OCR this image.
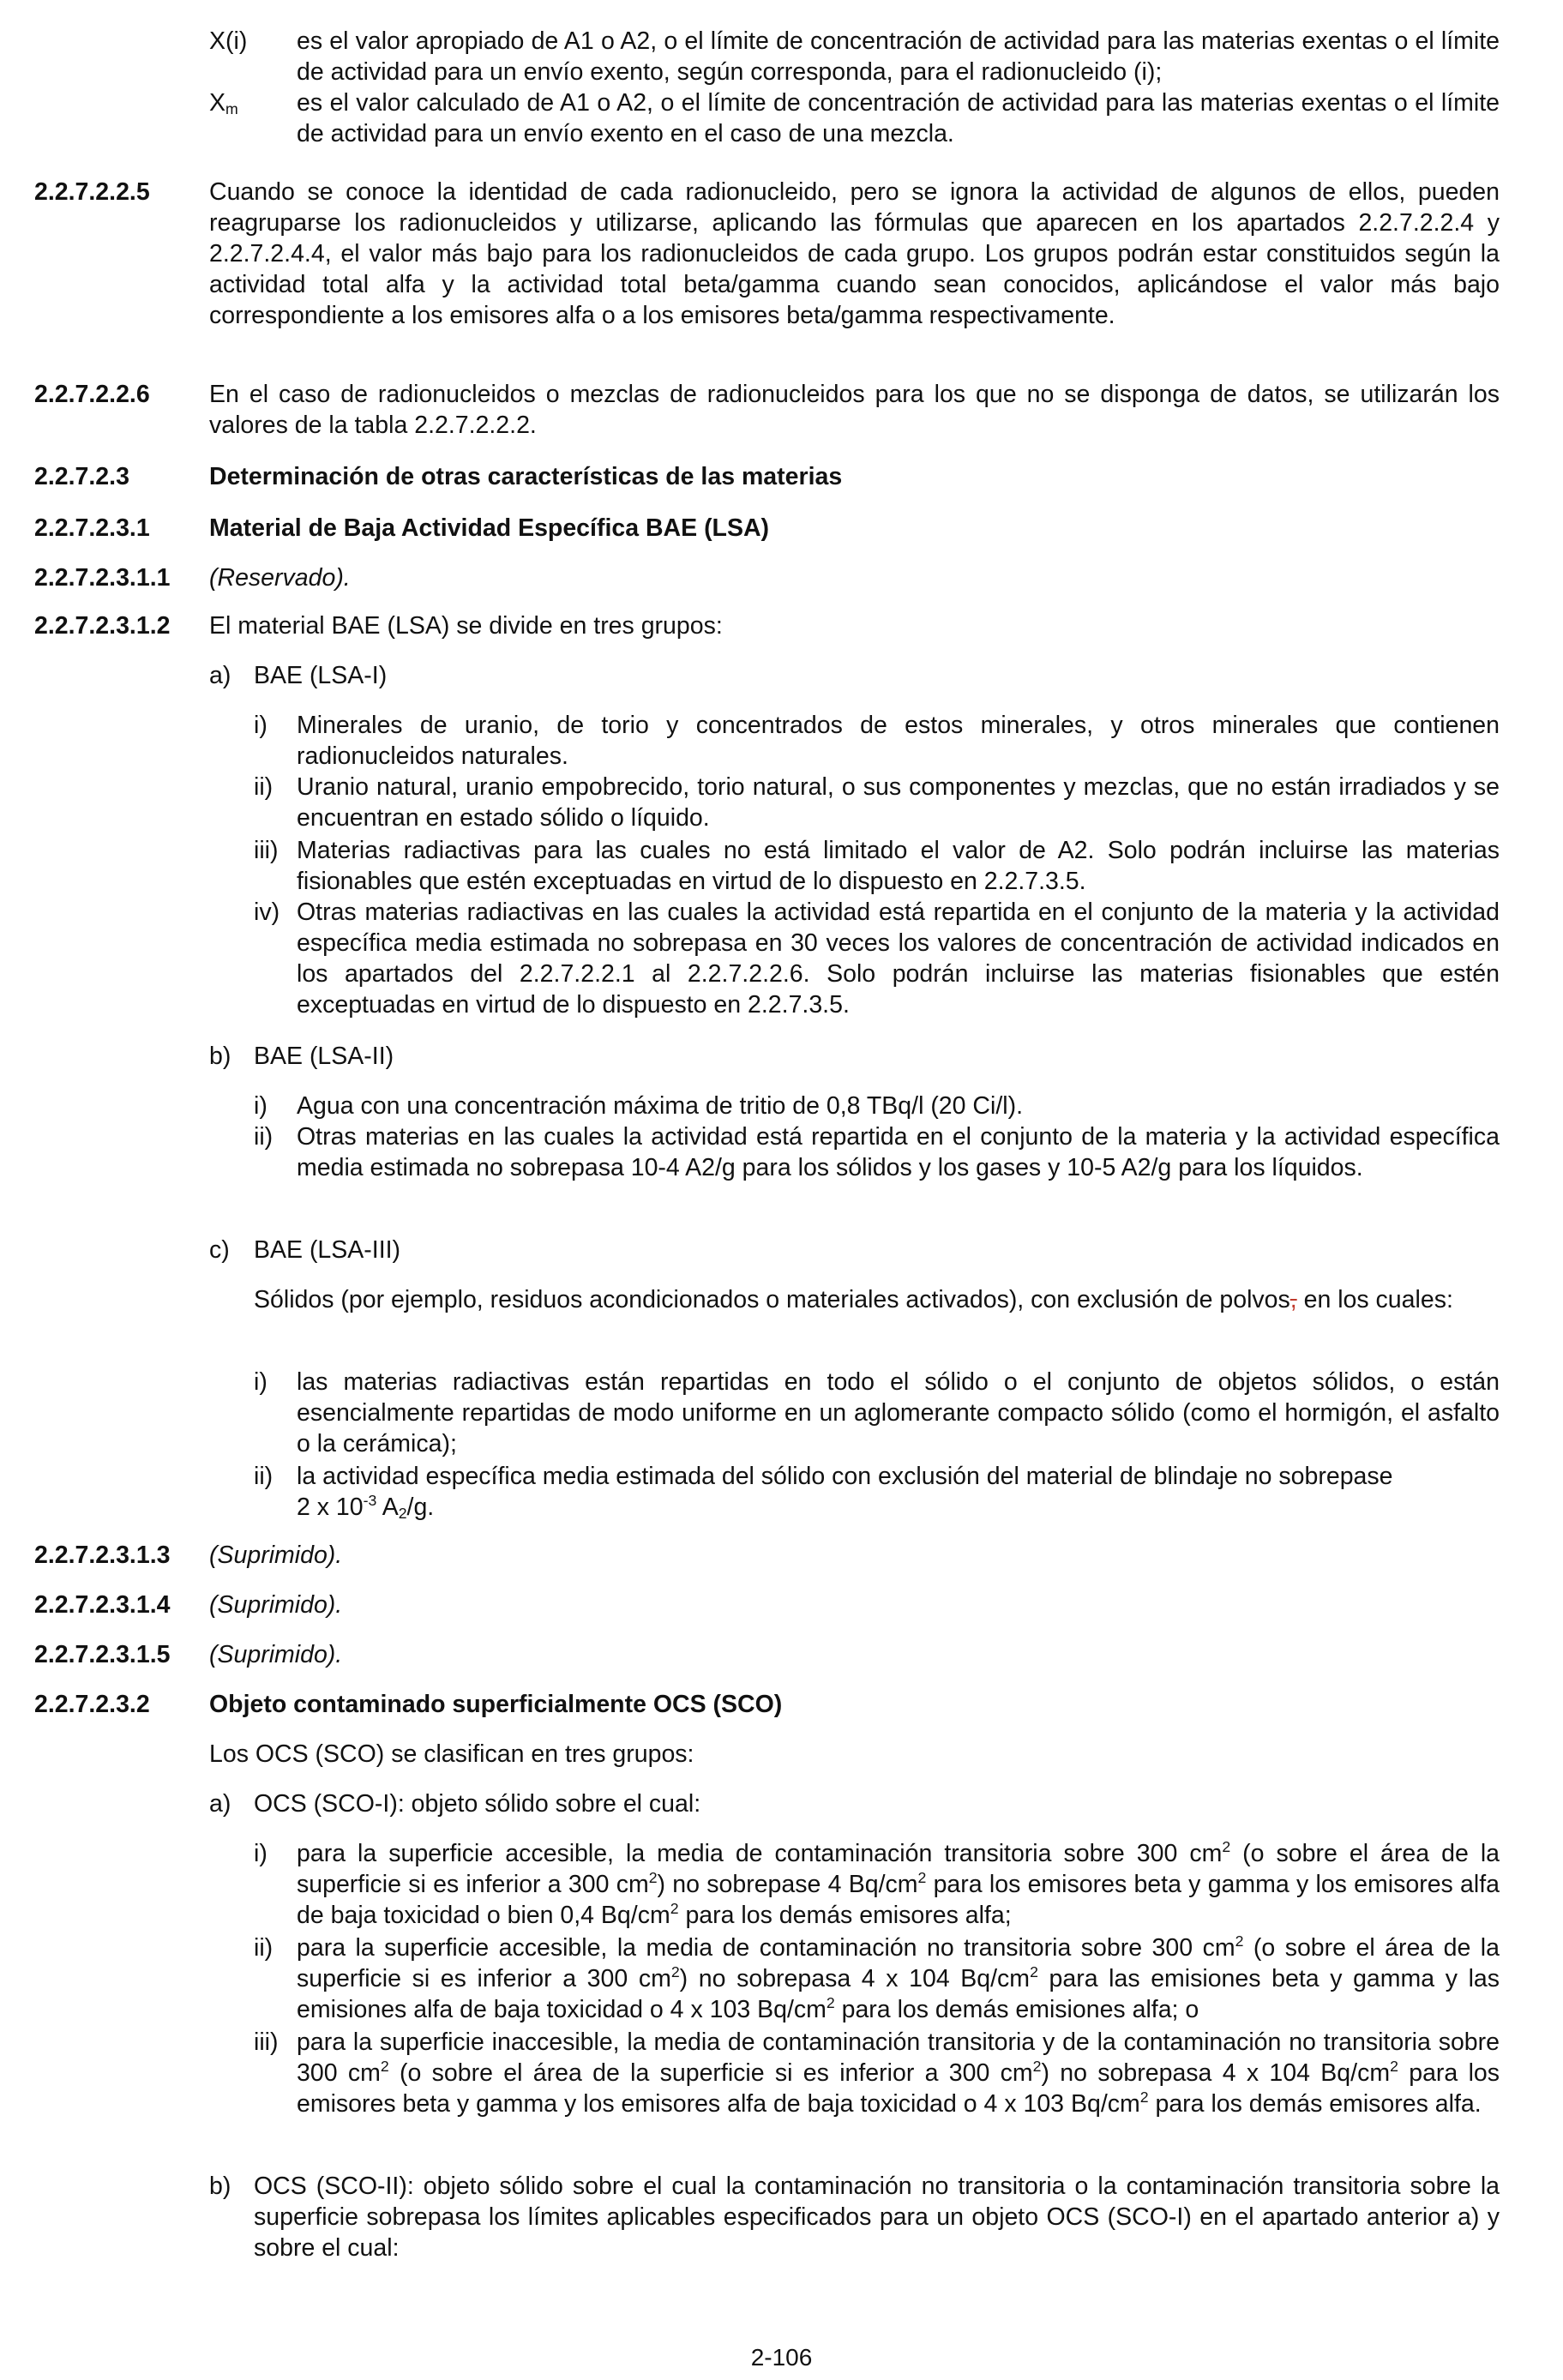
X(i) es el valor apropiado de A1 o A2, o el límite de concentración de actividad para las materias exentas o el límite de actividad para un envío exento, según corresponda, para el radionucleido (i);
$X_m$ es el valor calculado de A1 o A2, o el límite de concentración de actividad para las materias exentas o el límite de actividad para un envío exento en el caso de una mezcla.
2.2.7.2.2.5 Cuando se conoce la identidad de cada radionucleido, pero se ignora la actividad de algunos de ellos, pueden reagruparse los radionucleidos y utilizarse, aplicando las fórmulas que aparecen en los apartados 2.2.7.2.2.4 y 2.2.7.2.4.4, el valor más bajo para los radionucleidos de cada grupo. Los grupos podrán estar constituidos según la actividad total alfa y la actividad total beta/gamma cuando sean conocidos, aplicándose el valor más bajo correspondiente a los emisores alfa o a los emisores beta/gamma respectivamente.
2.2.7.2.2.6 En el caso de radionucleidos o mezclas de radionucleidos para los que no se disponga de datos, se utilizarán los valores de la tabla 2.2.7.2.2.2.
2.2.7.2.3	Determinación de otras características de las materias
2.2.7.2.3.1 Material de Baja Actividad Específica BAE (LSA)
2.2.7.2.3.1.1 (Reservado).
2.2.7.2.3.1.2 El material BAE (LSA) se divide en tres grupos:
a) BAE (LSA-I)
i)	Minerales de uranio, de torio y concentrados de estos minerales, y otros minerales que contienen radionucleidos naturales.
ii) Uranio natural, uranio empobrecido, torio natural, o sus componentes y mezclas, que no están irradiados y se encuentran en estado sólido o líquido.
iii) Materias radiactivas para las cuales no está limitado el valor de A2. Solo podrán incluirse las materias fisionables que estén exceptuadas en virtud de lo dispuesto en 2.2.7.3.5.
iv) Otras materias radiactivas en las cuales la actividad está repartida en el conjunto de la materia y la actividad específica media estimada no sobrepasa en 30 veces los valores de concentración de actividad indicados en los apartados del 2.2.7.2.2.1 al 2.2.7.2.2.6. Solo podrán incluirse las materias fisionables que estén exceptuadas en virtud de lo dispuesto en 2.2.7.3.5.
b) BAE (LSA-II)
i)	Agua con una concentración máxima de tritio de 0,8 TBq/l (20 Ci/l).
ii) Otras materias en las cuales la actividad está repartida en el conjunto de la materia y la actividad específica media estimada no sobrepasa 10-4 A2/g para los sólidos y los gases y 10-5 A2/g para los líquidos.
c) BAE (LSA-III)
Sólidos (por ejemplo, residuos acondicionados o materiales activados), con exclusión de polvos, en los cuales:
i)	las materias radiactivas están repartidas en todo el sólido o el conjunto de objetos sólidos, o están esencialmente repartidas de modo uniforme en un aglomerante compacto sólido (como el hormigón, el asfalto o la cerámica);
ii) la actividad específica media estimada del sólido con exclusión del material de blindaje no sobrepase
2 x $10^{-3}$ $A_2/g$.
2.2.7.2.3.1.3 (Suprimido).
2.2.7.2.3.1.4 (Suprimido).
2.2.7.2.3.1.5 (Suprimido).
2.2.7.2.3.2 Objeto contaminado superficialmente OCS (SCO)
Los OCS (SCO) se clasifican en tres grupos:
a) OCS (SCO-I): objeto sólido sobre el cual:
i)	para la superficie accesible, la media de contaminación transitoria sobre 300 $cm^2$ (o sobre el área de la superficie si es inferior a 300 $cm^2$) no sobrepase 4 $Bq/cm^2$ para los emisores beta y gamma y los emisores alfa de baja toxicidad o bien 0,4 $Bq/cm^2$ para los demás emisores alfa;
ii) para la superficie accesible, la media de contaminación no transitoria sobre 300 $cm^2$ (o sobre el área de la superficie si es inferior a 300 $cm^2$) no sobrepasa 4 x 104 $Bq/cm^2$ para las emisiones beta y gamma y las emisiones alfa de baja toxicidad o 4 x 103 $Bq/cm^2$ para los demás emisiones alfa; o
iii) para la superficie inaccesible, la media de contaminación transitoria y de la contaminación no transitoria sobre 300 $cm^2$ (o sobre el área de la superficie si es inferior a 300 $cm^2$) no sobrepasa 4 x 104 $Bq/cm^2$ para los emisores beta y gamma y los emisores alfa de baja toxicidad o 4 x 103 $Bq/cm^2$ para los demás emisores alfa.
b) OCS (SCO-II): objeto sólido sobre el cual la contaminación no transitoria o la contaminación transitoria sobre la superficie sobrepasa los límites aplicables especificados para un objeto OCS (SCO-I) en el apartado anterior a) y sobre el cual:
2-106
